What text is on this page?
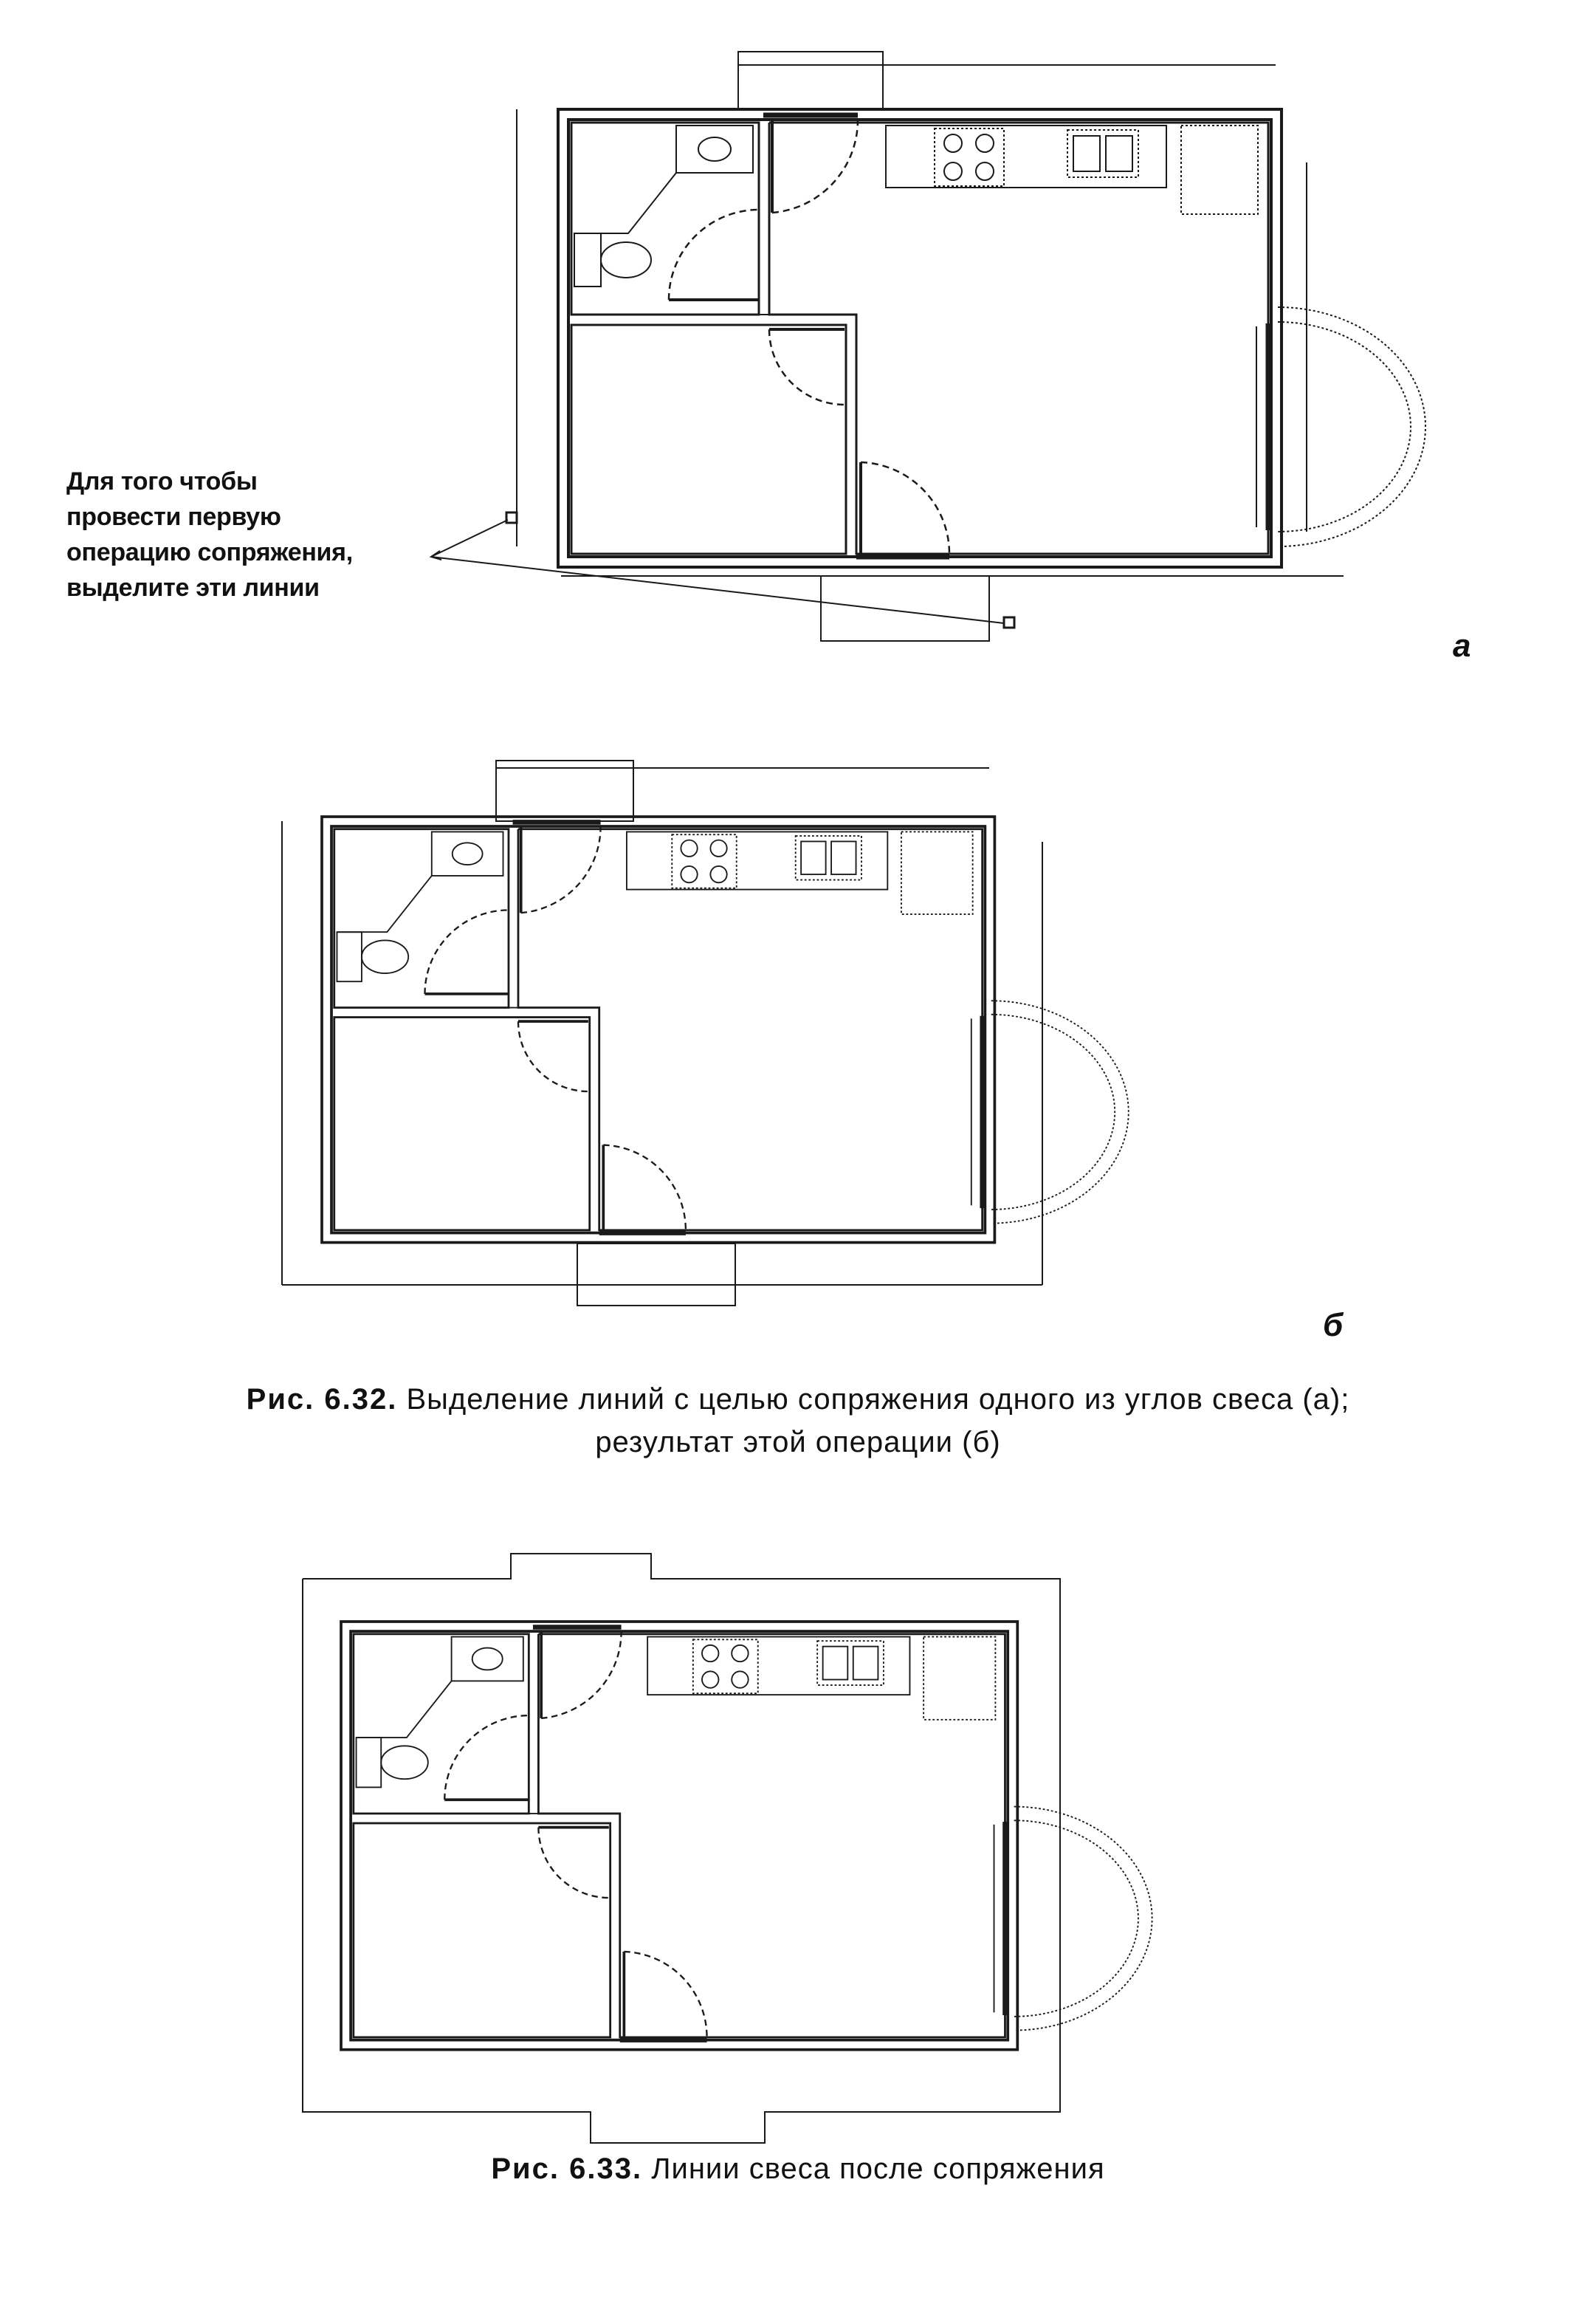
Для того чтобы
провести первую
операцию сопряжения,
выделите эти линии
а
б
Рис. 6.32. Выделение линий с целью сопряжения одного из углов свеса (а);
результат этой операции (б)
Рис. 6.33. Линии свеса после сопряжения
